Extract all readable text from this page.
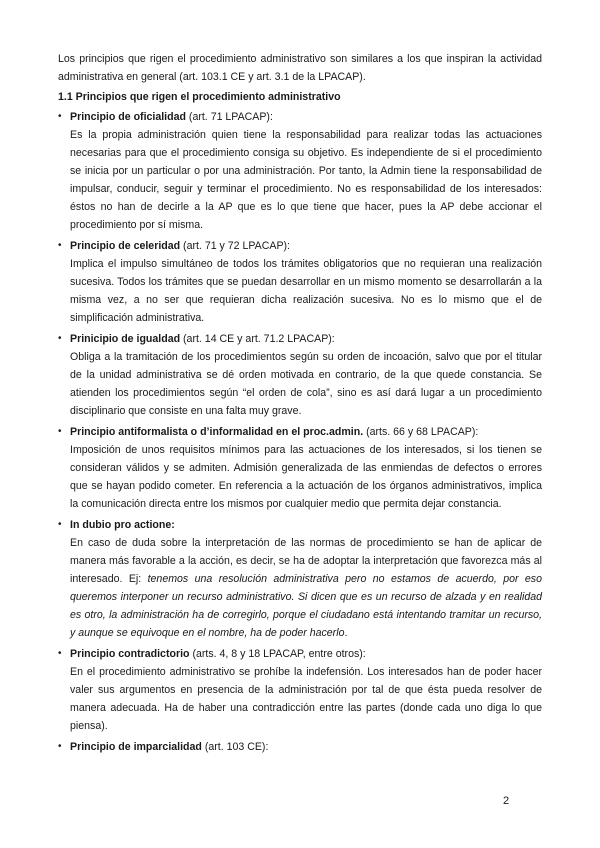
Los principios que rigen el procedimiento administrativo son similares a los que inspiran la actividad administrativa en general (art. 103.1 CE y art. 3.1 de la LPACAP).

1.1 Principios que rigen el procedimiento administrativo

• Principio de oficialidad (art. 71 LPACAP):
Es la propia administración quien tiene la responsabilidad para realizar todas las actuaciones necesarias para que el procedimiento consiga su objetivo. Es independiente de si el procedimiento se inicia por un particular o por una administración. Por tanto, la Admin tiene la responsabilidad de impulsar, conducir, seguir y terminar el procedimiento. No es responsabilidad de los interesados: éstos no han de decirle a la AP que es lo que tiene que hacer, pues la AP debe accionar el procedimiento por sí misma.
• Principio de celeridad (art. 71 y 72 LPACAP):
Implica el impulso simultáneo de todos los trámites obligatorios que no requieran una realización sucesiva. Todos los trámites que se puedan desarrollar en un mismo momento se desarrollarán a la misma vez, a no ser que requieran dicha realización sucesiva. No es lo mismo que el de simplificación administrativa.
• Prinicipio de igualdad (art. 14 CE y art. 71.2 LPACAP):
Obliga a la tramitación de los procedimientos según su orden de incoación, salvo que por el titular de la unidad administrativa se dé orden motivada en contrario, de la que quede constancia. Se atienden los procedimientos según “el orden de cola”, sino es así dará lugar a un procedimiento disciplinario que consiste en una falta muy grave.
• Principio antiformalista o d’informalidad en el proc.admin. (arts. 66 y 68 LPACAP):
Imposición de unos requisitos mínimos para las actuaciones de los interesados, si los tienen se consideran válidos y se admiten. Admisión generalizada de las enmiendas de defectos o errores que se hayan podido cometer. En referencia a la actuación de los órganos administrativos, implica la comunicación directa entre los mismos por cualquier medio que permita dejar constancia.
• In dubio pro actione:
En caso de duda sobre la interpretación de las normas de procedimiento se han de aplicar de manera más favorable a la acción, es decir, se ha de adoptar la interpretación que favorezca más al interesado. Ej: tenemos una resolución administrativa pero no estamos de acuerdo, por eso queremos interponer un recurso administrativo. Si dicen que es un recurso de alzada y en realidad es otro, la administración ha de corregirlo, porque el ciudadano está intentando tramitar un recurso, y aunque se equivoque en el nombre, ha de poder hacerlo.
• Principio contradictorio (arts. 4, 8 y 18 LPACAP, entre otros):
En el procedimiento administrativo se prohíbe la indefensión. Los interesados han de poder hacer valer sus argumentos en presencia de la administración por tal de que ésta pueda resolver de manera adecuada. Ha de haber una contradicción entre las partes (donde cada uno diga lo que piensa).
• Principio de imparcialidad (art. 103 CE):
2
